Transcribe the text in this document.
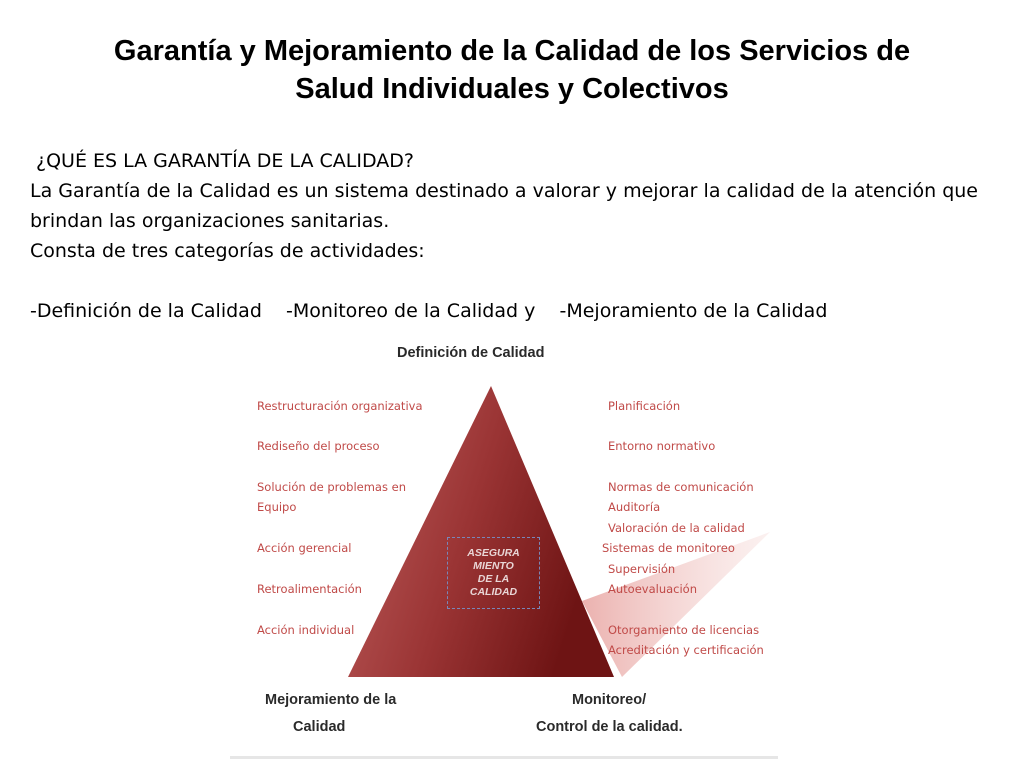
Garantía y Mejoramiento de la Calidad de los Servicios de
Salud Individuales y Colectivos

¿QUÉ ES LA GARANTÍA DE LA CALIDAD?

La Garantía de la Calidad es un sistema destinado a valorar y mejorar la calidad de la atención que brindan las organizaciones sanitarias.

Consta de tres categorías de actividades:

-Definición de la Calidad    -Monitoreo de la Calidad y    -Mejoramiento de la Calidad

Definición de Calidad
ASEGURA
MIENTO
DE LA
CALIDAD
Restructuración organizativa
Rediseño del proceso
Solución de problemas en
Equipo
Acción gerencial
Retroalimentación
Acción individual
Planificación
Entorno normativo
Normas de comunicación
Auditoría
Valoración de la calidad
Sistemas de monitoreo
Supervisión
Autoevaluación
Otorgamiento de licencias
Acreditación y certificación
Mejoramiento de la
Calidad
Monitoreo/
Control de la calidad.
